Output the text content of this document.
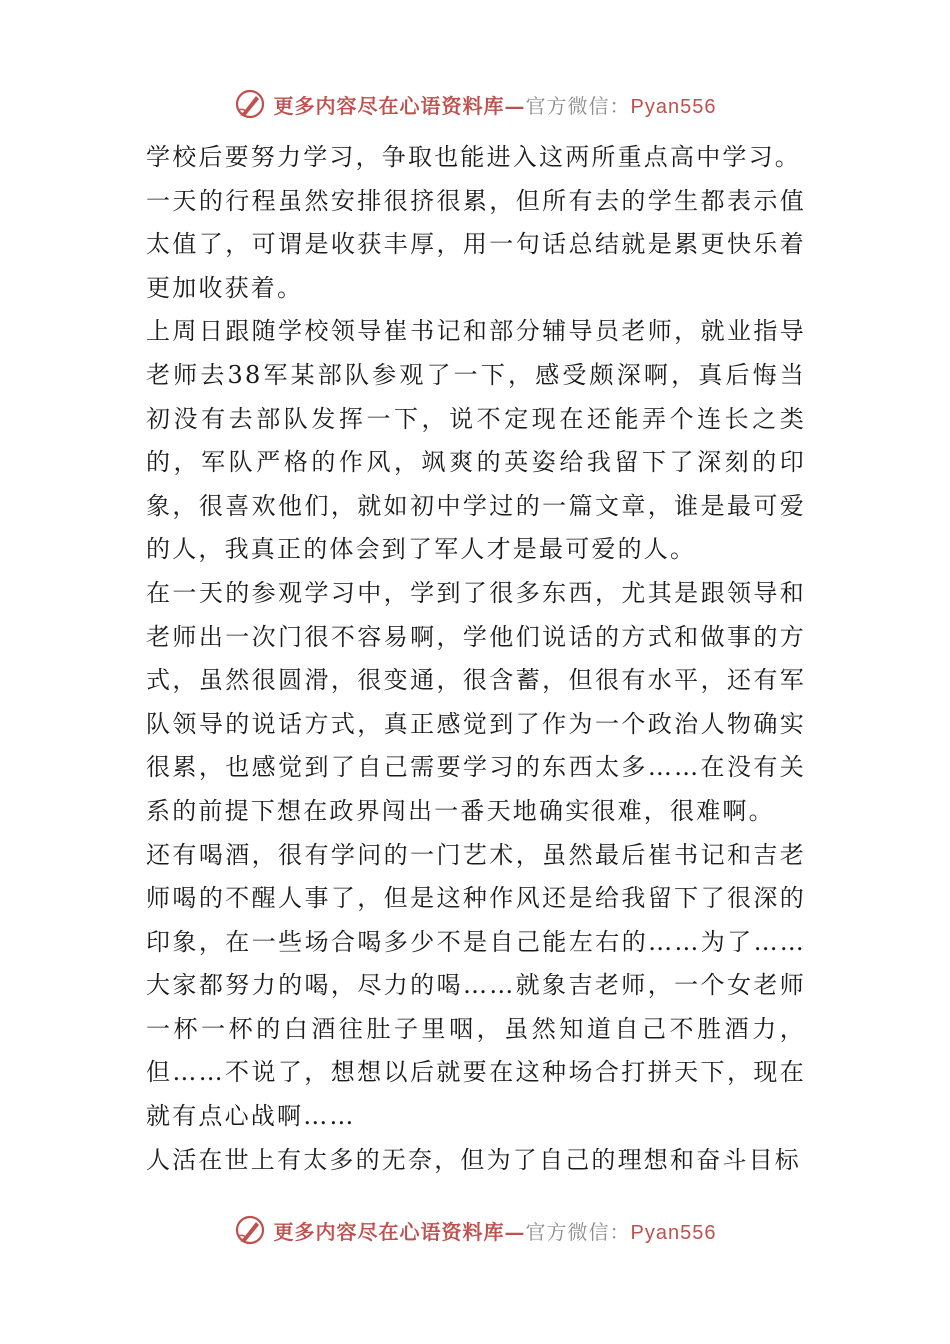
更多内容尽在心语资料库—官方微信：Pyan556

学校后要努力学习，争取也能进入这两所重点高中学习。

一天的行程虽然安排很挤很累，但所有去的学生都表示值太值了，可谓是收获丰厚，用一句话总结就是累更快乐着更加收获着。

上周日跟随学校领导崔书记和部分辅导员老师，就业指导老师去38军某部队参观了一下，感受颇深啊，真后悔当初没有去部队发挥一下，说不定现在还能弄个连长之类的，军队严格的作风，飒爽的英姿给我留下了深刻的印象，很喜欢他们，就如初中学过的一篇文章，谁是最可爱的人，我真正的体会到了军人才是最可爱的人。

在一天的参观学习中，学到了很多东西，尤其是跟领导和老师出一次门很不容易啊，学他们说话的方式和做事的方式，虽然很圆滑，很变通，很含蓄，但很有水平，还有军队领导的说话方式，真正感觉到了作为一个政治人物确实很累，也感觉到了自己需要学习的东西太多……在没有关系的前提下想在政界闯出一番天地确实很难，很难啊。

还有喝酒，很有学问的一门艺术，虽然最后崔书记和吉老师喝的不醒人事了，但是这种作风还是给我留下了很深的印象，在一些场合喝多少不是自己能左右的……为了……大家都努力的喝，尽力的喝……就象吉老师，一个女老师一杯一杯的白酒往肚子里咽，虽然知道自己不胜酒力，但……不说了，想想以后就要在这种场合打拼天下，现在就有点心战啊……

人活在世上有太多的无奈，但为了自己的理想和奋斗目标

更多内容尽在心语资料库—官方微信：Pyan556
